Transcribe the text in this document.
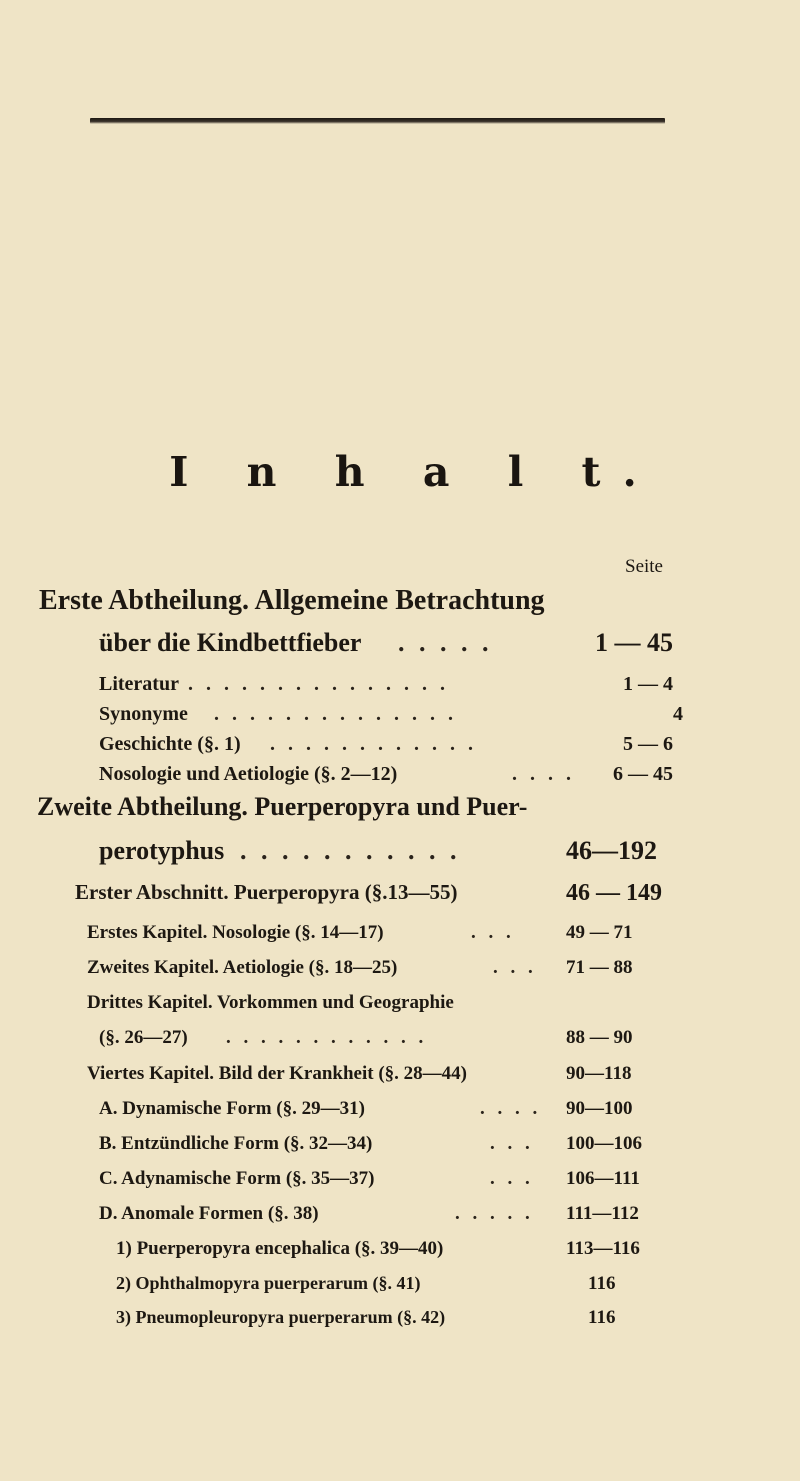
I n h a l t.
Seite
Erste Abtheilung. Allgemeine Betrachtung
über die Kindbettfieber . . . . .	1 — 45
Literatur . . . . . . . . . . . . . . .	1 — 4
Synonyme . . . . . . . . . . . . . .	4
Geschichte (§. 1) . . . . . . . . . . . .	5 — 6
Nosologie und Aetiologie (§. 2—12)	. . . . 6 — 45
Zweite Abtheilung. Puerperopyra und Puer-
perotyphus . . . . . . . . . . .	46—192
Erster Abschnitt. Puerperopyra (§.13—55)	46 — 149
Erstes Kapitel. Nosologie (§. 14—17)	. . .	49 — 71
Zweites Kapitel. Aetiologie (§. 18—25)	. . . 71 — 88
Drittes Kapitel. Vorkommen und Geographie
(§. 26—27) . . . . . . . . . . . .	88 — 90
Viertes Kapitel. Bild der Krankheit (§. 28—44)	90—118
A. Dynamische Form (§. 29—31)	. . . . 90—100
B. Entzündliche Form (§. 32—34)	. . . 100—106
C. Adynamische Form (§. 35—37)	. . . 106—111
D. Anomale Formen (§. 38)	. . . . . 111—112
1) Puerperopyra encephalica (§. 39—40)	113—116
2) Ophthalmopyra puerperarum (§. 41)	116
3) Pneumopleuropyra puerperarum (§. 42)	116
